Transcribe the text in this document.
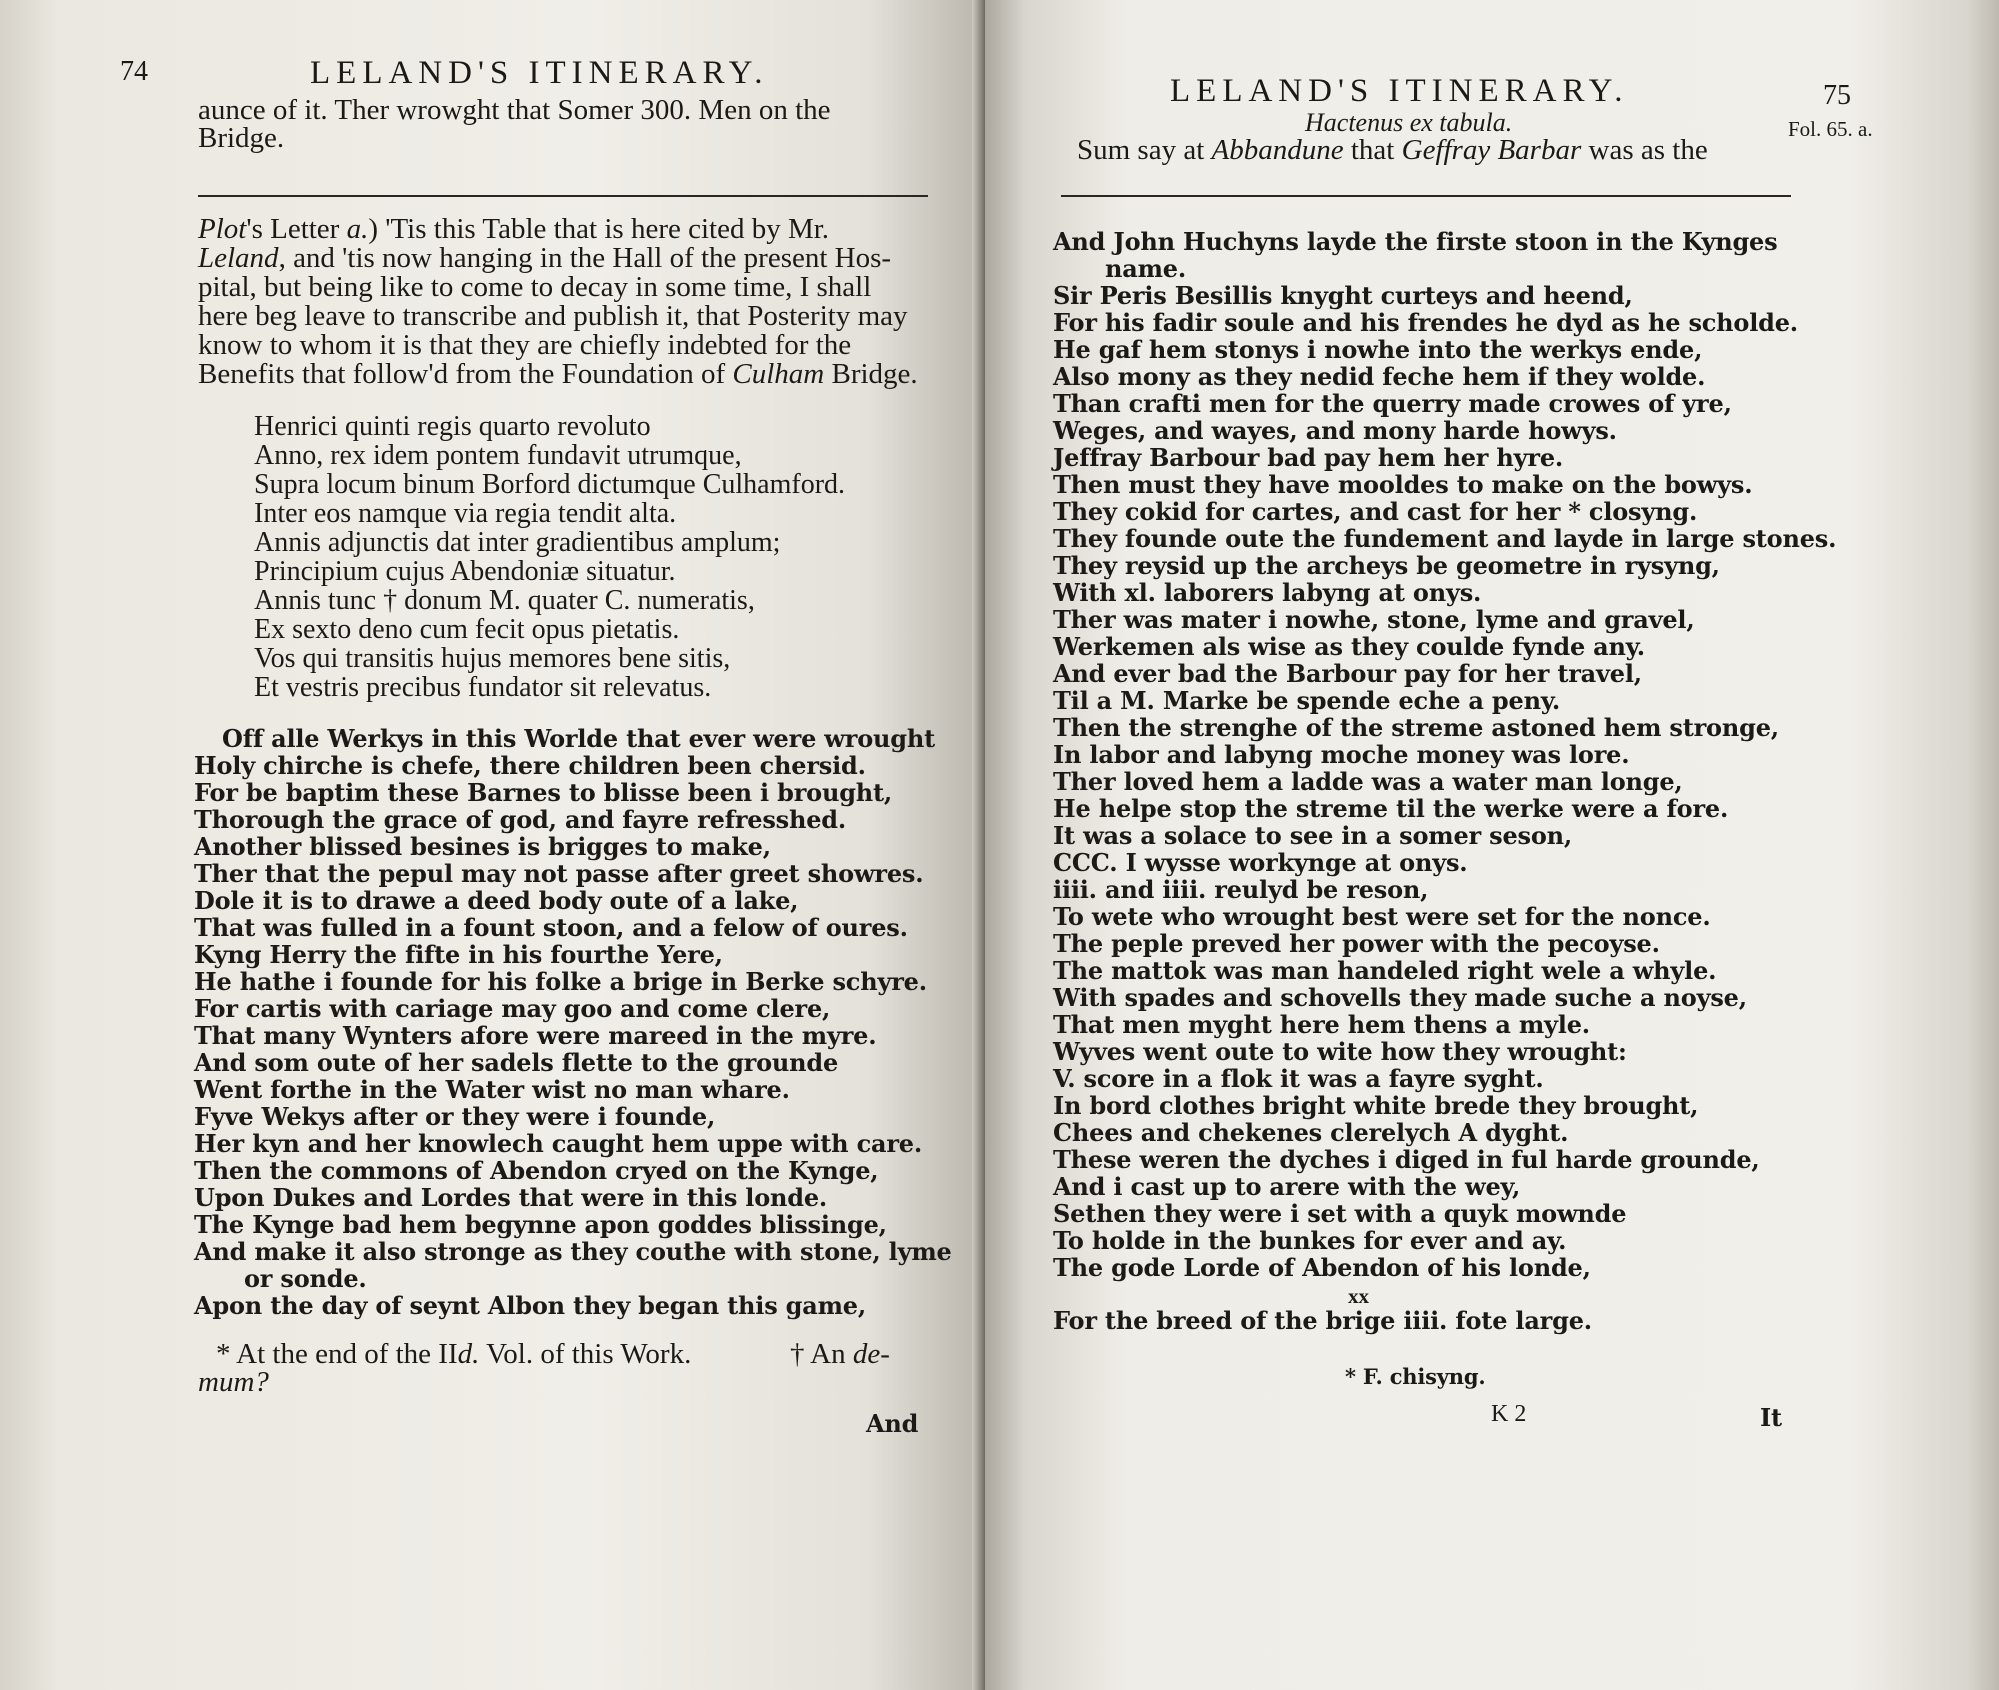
74	LELAND'S ITINERARY.
aunce of it. Ther wrowght that Somer 300. Men on the
Bridge.
Plot's Letter a.) 'Tis this Table that is here cited by Mr.
Leland, and 'tis now hanging in the Hall of the present Hos-
pital, but being like to come to decay in some time, I shall
here beg leave to transcribe and publish it, that Posterity may
know to whom it is that they are chiefly indebted for the
Benefits that follow'd from the Foundation of Culham Bridge.
Henrici quinti regis quarto revoluto
Anno, rex idem pontem fundavit utrumque,
Supra locum binum Borford dictumque Culhamford.
Inter eos namque via regia tendit alta.
Annis adjunctis dat inter gradientibus amplum;
Principium cujus Abendoniæ situatur.
Annis tunc † donum M. quater C. numeratis,
Ex sexto deno cum fecit opus pietatis.
Vos qui transitis hujus memores bene sitis,
Et vestris precibus fundator sit relevatus.
Off alle Werkys in this Worlde that ever were wrought
Holy chirche is chefe, there children been chersid.
For be baptim these Barnes to blisse been i brought,
Thorough the grace of god, and fayre refresshed.
Another blissed besines is brigges to make,
Ther that the pepul may not passe after greet showres.
Dole it is to drawe a deed body oute of a lake,
That was fulled in a fount stoon, and a felow of oures.
Kyng Herry the fifte in his fourthe Yere,
He hathe i founde for his folke a brige in Berke schyre.
For cartis with cariage may goo and come clere,
That many Wynters afore were mareed in the myre.
And som oute of her sadels flette to the grounde
Went forthe in the Water wist no man whare.
Fyve Wekys after or they were i founde,
Her kyn and her knowlech caught hem uppe with care.
Then the commons of Abendon cryed on the Kynge,
Upon Dukes and Lordes that were in this londe.
The Kynge bad hem begynne apon goddes blissinge,
And make it also stronge as they couthe with stone, lyme
or sonde.
Apon the day of seynt Albon they began this game,
* At the end of the IId. Vol. of this Work.	† An de-
mum?
And
LELAND'S ITINERARY.	75
Hactenus ex tabula.	Fol. 65. a.
Sum say at Abbandune that Geffray Barbar was as the
And John Huchyns layde the firste stoon in the Kynges
name.
Sir Peris Besillis knyght curteys and heend,
For his fadir soule and his frendes he dyd as he scholde.
He gaf hem stonys i nowhe into the werkys ende,
Also mony as they nedid feche hem if they wolde.
Than crafti men for the querry made crowes of yre,
Weges, and wayes, and mony harde howys.
Jeffray Barbour bad pay hem her hyre.
Then must they have mooldes to make on the bowys.
They cokid for cartes, and cast for her * closyng.
They founde oute the fundement and layde in large stones.
They reysid up the archeys be geometre in rysyng,
With xl. laborers labyng at onys.
Ther was mater i nowhe, stone, lyme and gravel,
Werkemen als wise as they coulde fynde any.
And ever bad the Barbour pay for her travel,
Til a M. Marke be spende eche a peny.
Then the strenghe of the streme astoned hem stronge,
In labor and labyng moche money was lore.
Ther loved hem a ladde was a water man longe,
He helpe stop the streme til the werke were a fore.
It was a solace to see in a somer seson,
CCC. I wysse workynge at onys.
iiii. and iiii. reulyd be reson,
To wete who wrought best were set for the nonce.
The peple preved her power with the pecoyse.
The mattok was man handeled right wele a whyle.
With spades and schovells they made suche a noyse,
That men myght here hem thens a myle.
Wyves went oute to wite how they wrought:
V. score in a flok it was a fayre syght.
In bord clothes bright white brede they brought,
Chees and chekenes clerelych A dyght.
These weren the dyches i diged in ful harde grounde,
And i cast up to arere with the wey,
Sethen they were i set with a quyk mownde
To holde in the bunkes for ever and ay.
The gode Lorde of Abendon of his londe,
xx
For the breed of the brige iiii. fote large.
* F. chisyng.
K 2	It
